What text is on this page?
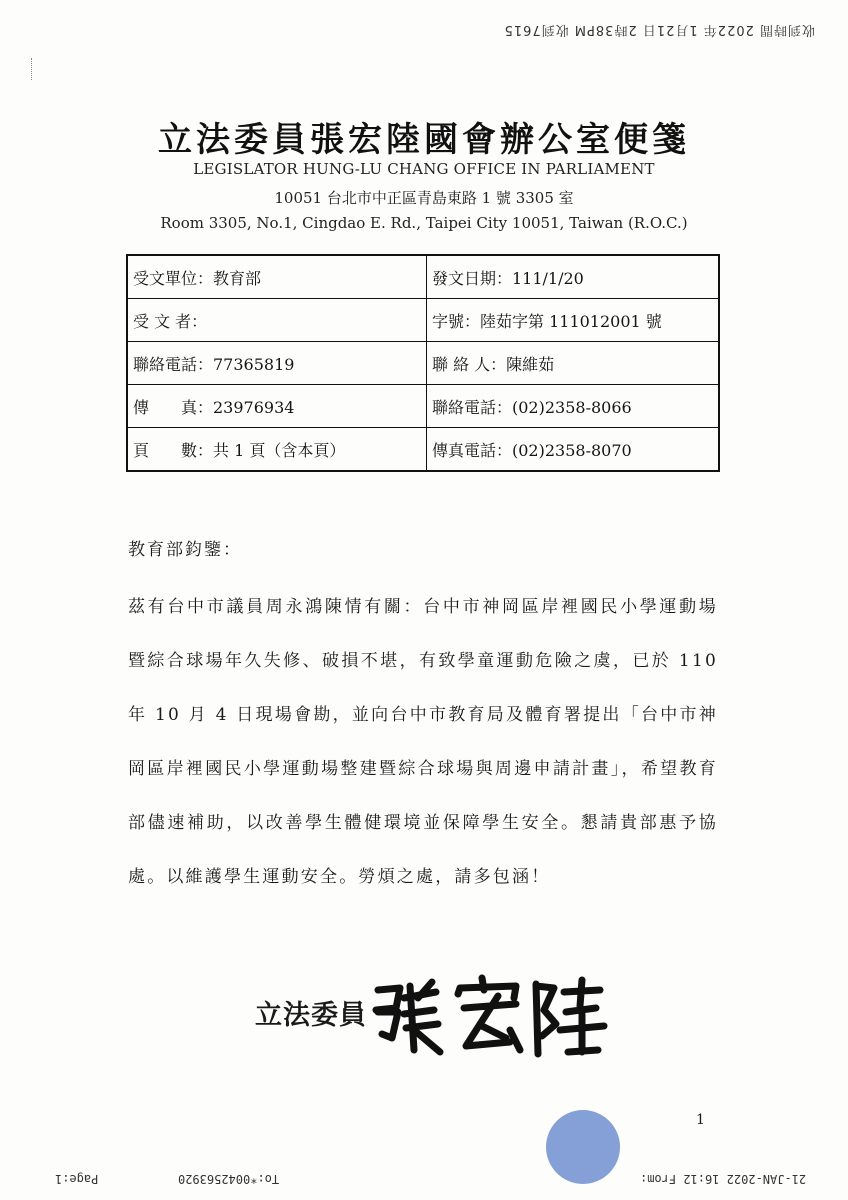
收到時間 2022年 1月21日 2時38PM 收到7615
立法委員張宏陸國會辦公室便箋
LEGISLATOR HUNG-LU CHANG OFFICE IN PARLIAMENT
10051 台北市中正區青島東路 1 號 3305 室
Room 3305, No.1, Cingdao E. Rd., Taipei City 10051, Taiwan (R.O.C.)
受文單位：教育部	發文日期：111/1/20
受 文 者：	字號：陸茹字第 111012001 號
聯絡電話：77365819	聯 絡 人：陳維茹
傳　　真：23976934	聯絡電話：(02)2358-8066
頁　　數：共 1 頁（含本頁）	傳真電話：(02)2358-8070
教育部鈞鑒：
茲有台中市議員周永鴻陳情有關：台中市神岡區岸裡國民小學運動場暨綜合球場年久失修、破損不堪，有致學童運動危險之虞，已於 110 年 10 月 4 日現場會勘，並向台中市教育局及體育署提出「台中市神岡區岸裡國民小學運動場整建暨綜合球場與周邊申請計畫」，希望教育部儘速補助，以改善學生體健環境並保障學生安全。懇請貴部惠予協處。以維護學生運動安全。勞煩之處，請多包涵！
立法委員
1
Page:1	To:*0042563920	21-JAN-2022 16:12 From:
